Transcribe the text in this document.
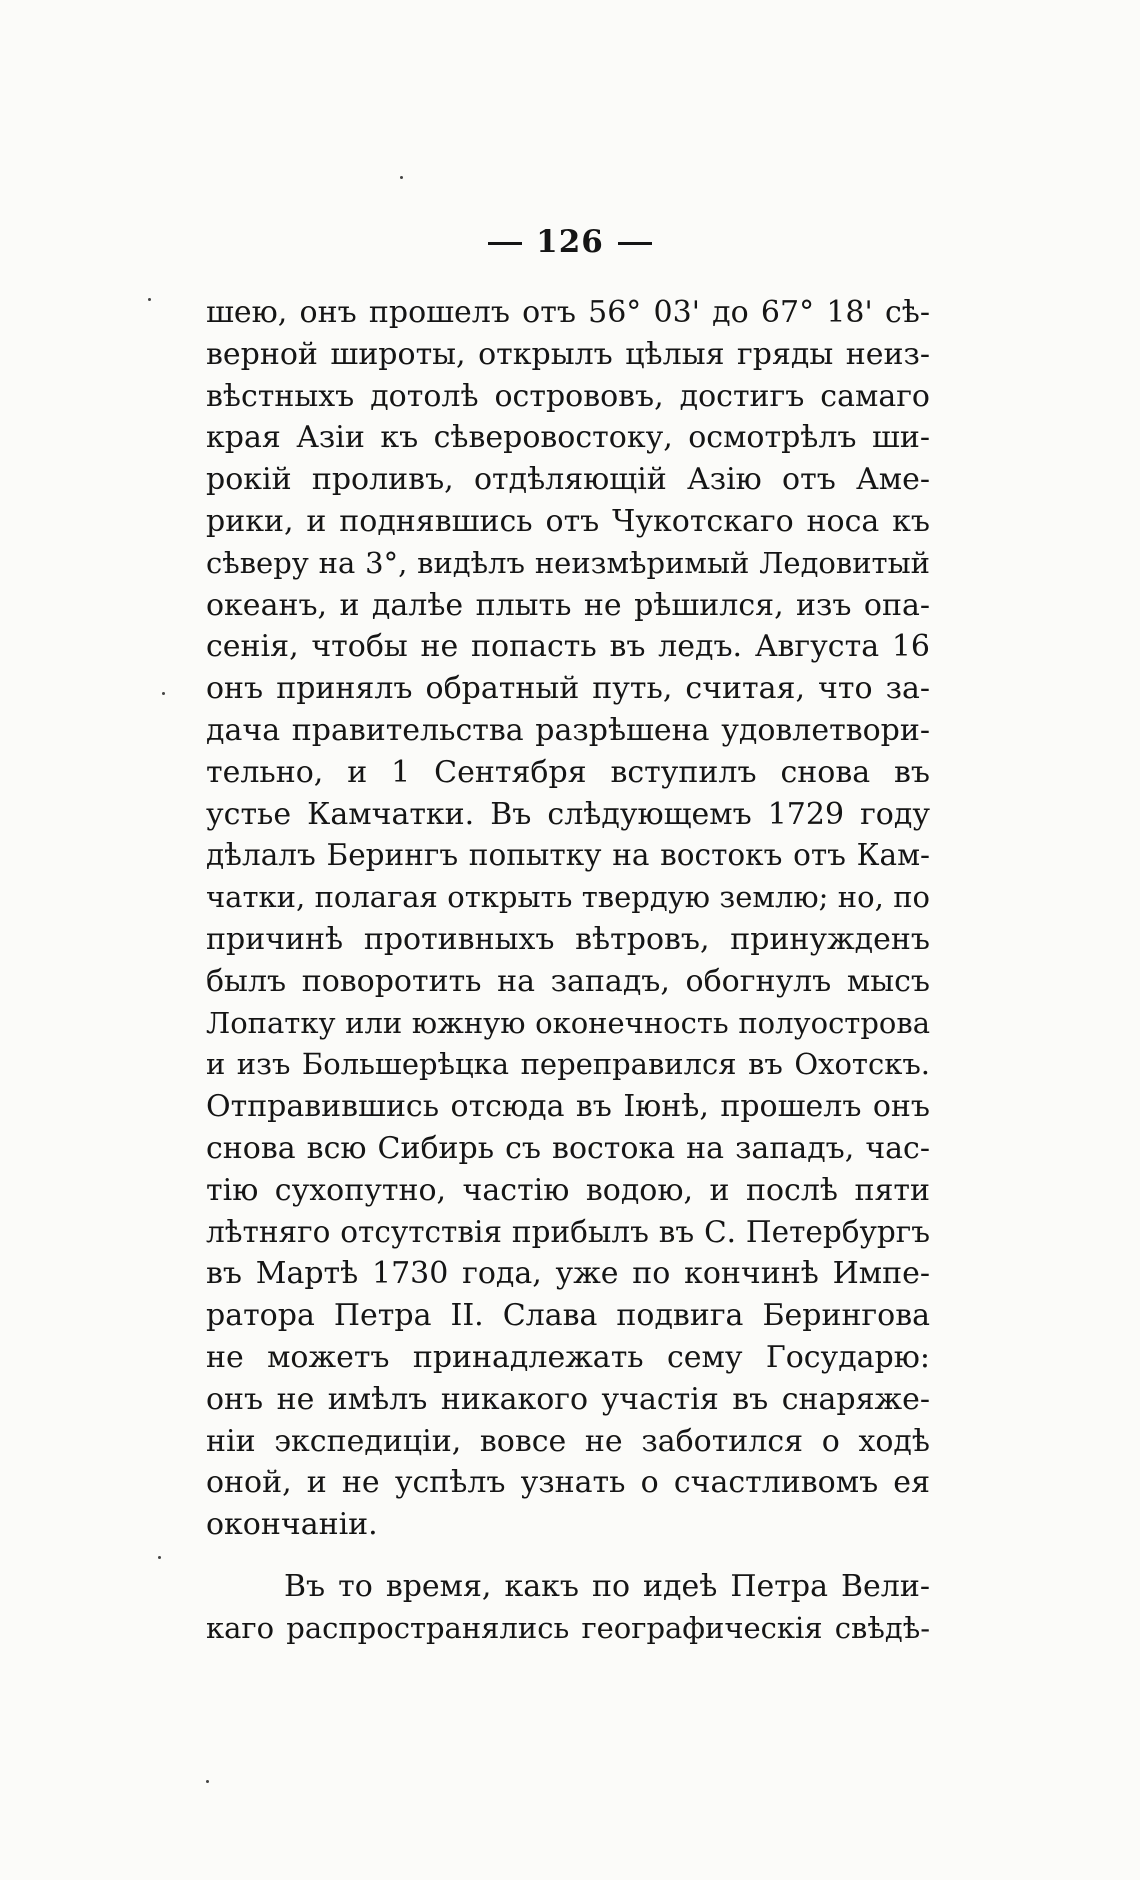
126
шею, онъ прошелъ отъ 56° 03' до 67° 18' сѣ-
верной широты, открылъ цѣлыя гряды неиз-
вѣстныхъ дотолѣ острововъ, достигъ самаго
края Азіи къ сѣверовостоку, осмотрѣлъ ши-
рокій проливъ, отдѣляющій Азію отъ Аме-
рики, и поднявшись отъ Чукотскаго носа къ
сѣверу на 3°, видѣлъ неизмѣримый Ледовитый
океанъ, и далѣе плыть не рѣшился, изъ опа-
сенія, чтобы не попасть въ ледъ. Августа 16
онъ принялъ обратный путь, считая, что за-
дача правительства разрѣшена удовлетвори-
тельно, и 1 Сентября вступилъ снова въ
устье Камчатки. Въ слѣдующемъ 1729 году
дѣлалъ Берингъ попытку на востокъ отъ Кам-
чатки, полагая открыть твердую землю; но, по
причинѣ противныхъ вѣтровъ, принужденъ
былъ поворотить на западъ, обогнулъ мысъ
Лопатку или южную оконечность полуострова
и изъ Большерѣцка переправился въ Охотскъ.
Отправившись отсюда въ Іюнѣ, прошелъ онъ
снова всю Сибирь съ востока на западъ, час-
тію сухопутно, частію водою, и послѣ пяти
лѣтняго отсутствія прибылъ въ С. Петербургъ
въ Мартѣ 1730 года, уже по кончинѣ Импе-
ратора Петра II. Слава подвига Берингова
не можетъ принадлежать сему Государю:
онъ не имѣлъ никакого участія въ снаряже-
ніи экспедиціи, вовсе не заботился о ходѣ
оной, и не успѣлъ узнать о счастливомъ ея
окончаніи.
Въ то время, какъ по идеѣ Петра Вели-
каго распространялись географическія свѣдѣ-
